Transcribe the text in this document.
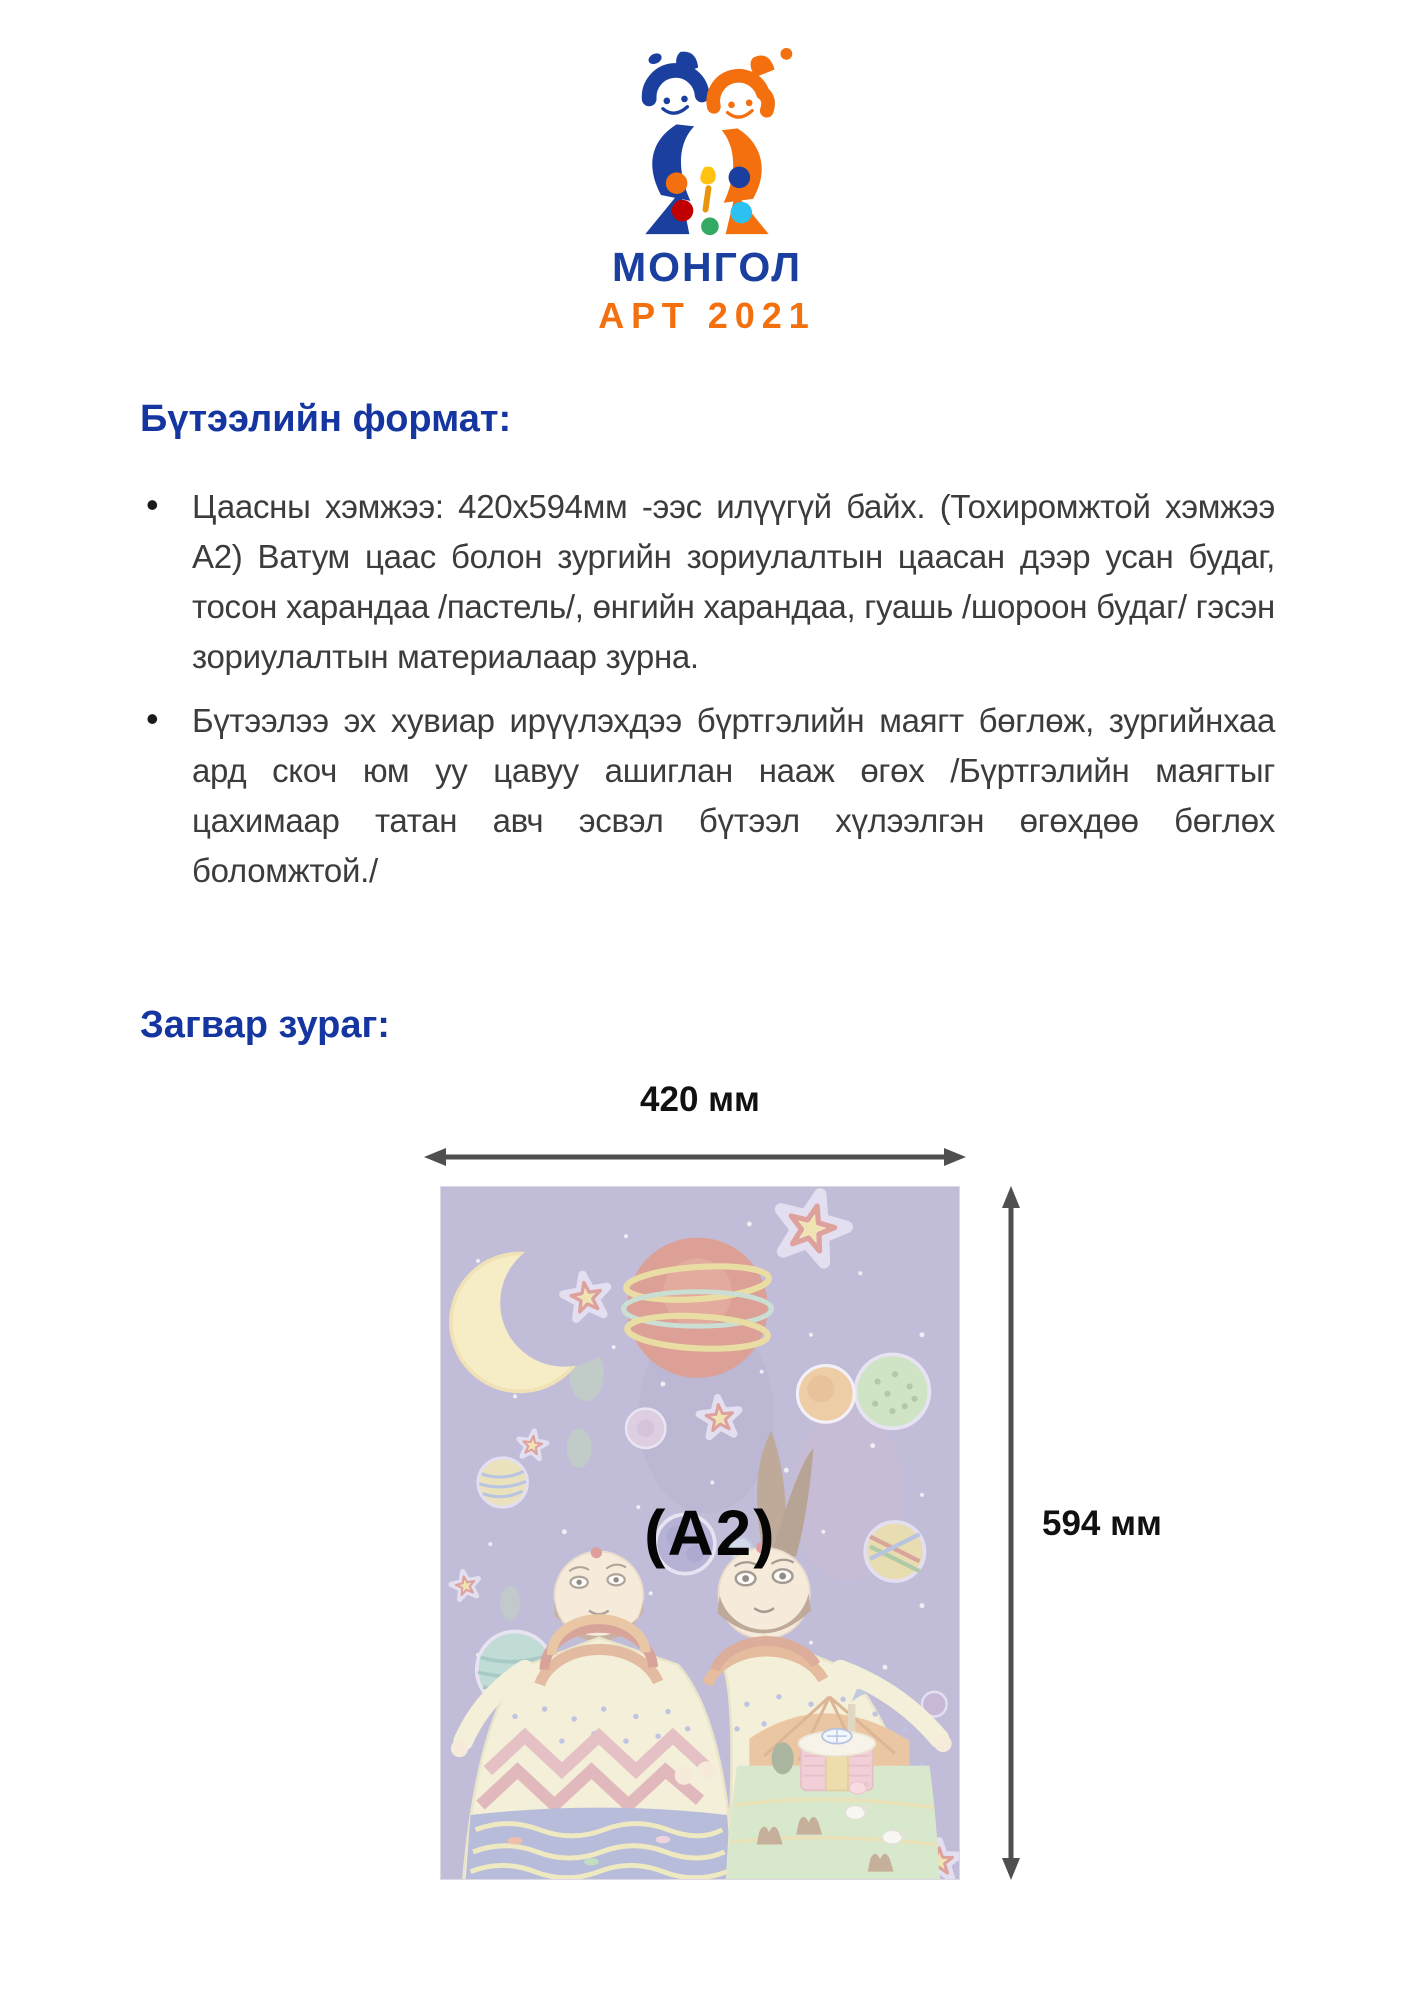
МОНГОЛ
АРТ 2021
Бүтээлийн формат:
• Цаасны хэмжээ: 420х594мм -ээс илүүгүй байх. (Тохиромжтой хэмжээ А2) Ватум цаас болон зургийн зориулалтын цаасан дээр усан будаг, тосон харандаа /пастель/, өнгийн харандаа, гуашь /шороон будаг/ гэсэн зориулалтын материалаар зурна.
• Бүтээлээ эх хувиар ирүүлэхдээ бүртгэлийн маягт бөглөж, зургийнхаа ард скоч юм уу цавуу ашиглан нааж өгөх /Бүртгэлийн маягтыг цахимаар татан авч эсвэл бүтээл хүлээлгэн өгөхдөө бөглөх боломжтой./
Загвар зураг:
420 мм
594 мм
(А2)
